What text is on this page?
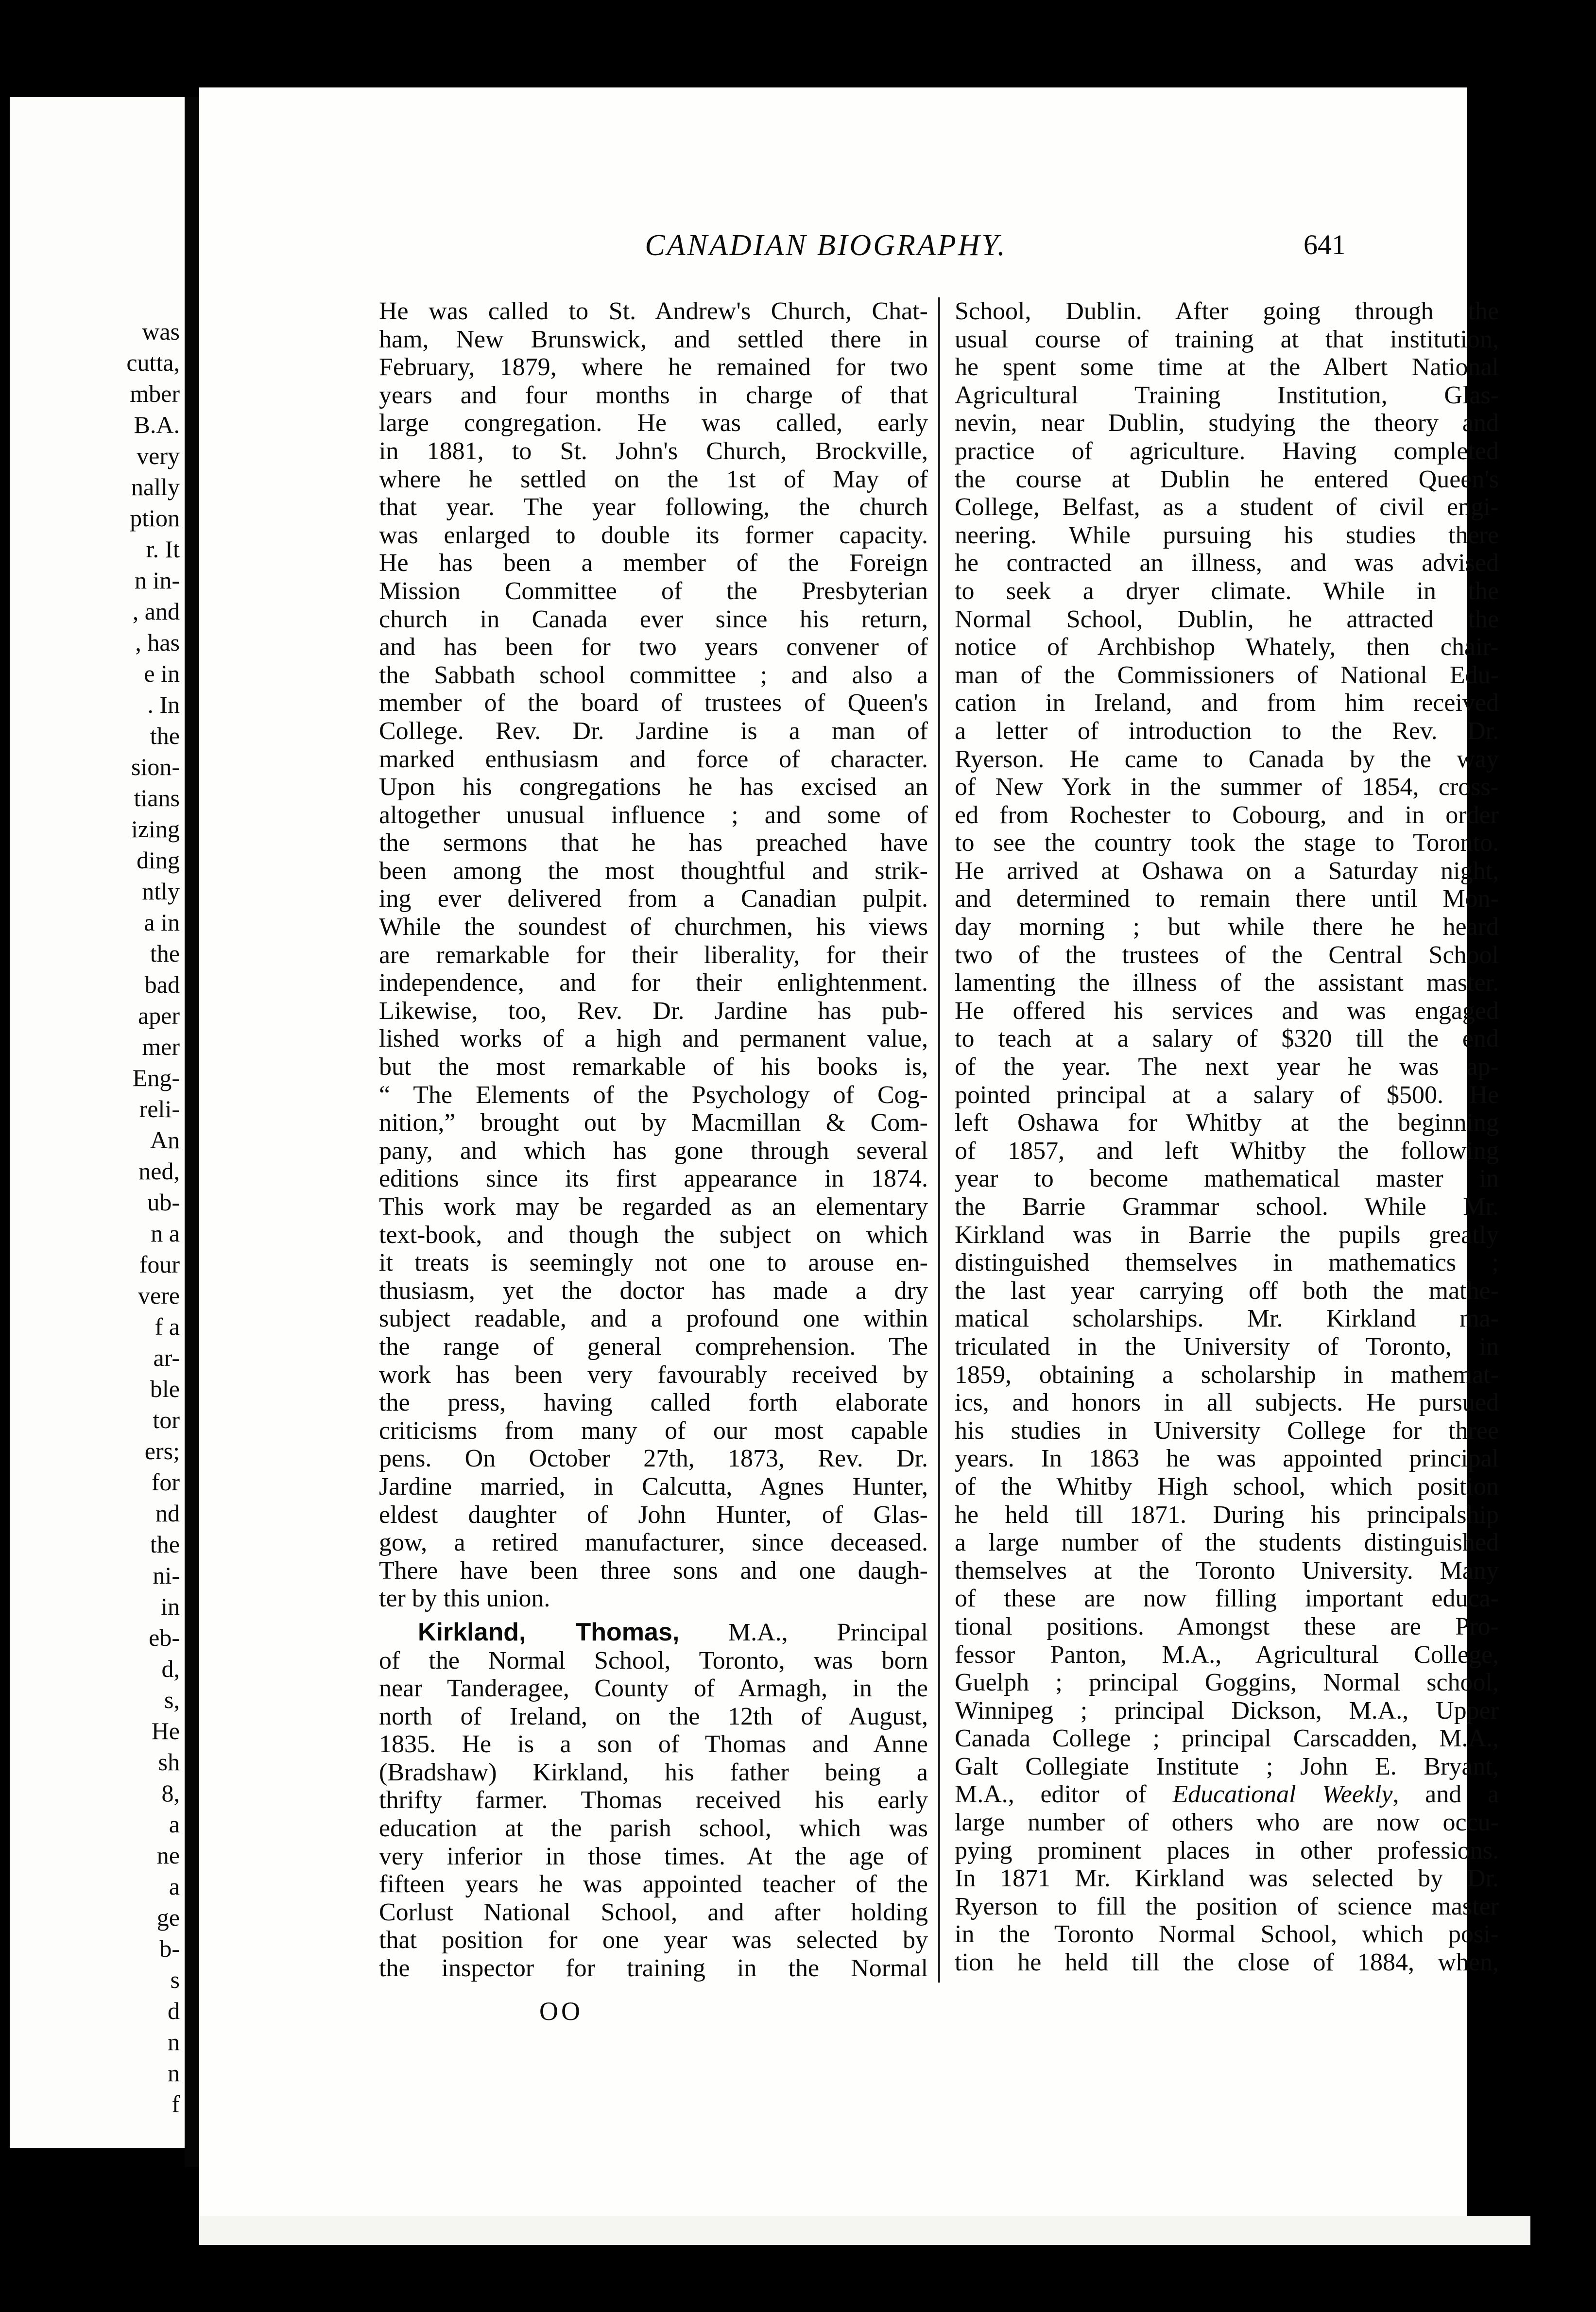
was
cutta,
mber
B.A.
very
nally
ption
r. It
n in-
, and
, has
e in
. In
the
sion-
tians
izing
ding
ntly
a in
the
bad
aper
mer
Eng-
reli-
An
ned,
ub-
n a
four
vere
f a
ar-
ble
tor
ers;
for
nd
the
ni-
in
eb-
d,
s,
He
sh
8,
a
ne
a
ge
b-
s
d
n
n
f
CANADIAN BIOGRAPHY.	641
He was called to St. Andrew's Church, Chat-
ham, New Brunswick, and settled there in
February, 1879, where he remained for two
years and four months in charge of that
large congregation. He was called, early
in 1881, to St. John's Church, Brockville,
where he settled on the 1st of May of
that year. The year following, the church
was enlarged to double its former capacity.
He has been a member of the Foreign
Mission Committee of the Presbyterian
church in Canada ever since his return,
and has been for two years convener of
the Sabbath school committee ; and also a
member of the board of trustees of Queen's
College. Rev. Dr. Jardine is a man of
marked enthusiasm and force of character.
Upon his congregations he has excised an
altogether unusual influence ; and some of
the sermons that he has preached have
been among the most thoughtful and strik-
ing ever delivered from a Canadian pulpit.
While the soundest of churchmen, his views
are remarkable for their liberality, for their
independence, and for their enlightenment.
Likewise, too, Rev. Dr. Jardine has pub-
lished works of a high and permanent value,
but the most remarkable of his books is,
“ The Elements of the Psychology of Cog-
nition,” brought out by Macmillan & Com-
pany, and which has gone through several
editions since its first appearance in 1874.
This work may be regarded as an elementary
text-book, and though the subject on which
it treats is seemingly not one to arouse en-
thusiasm, yet the doctor has made a dry
subject readable, and a profound one within
the range of general comprehension. The
work has been very favourably received by
the press, having called forth elaborate
criticisms from many of our most capable
pens. On October 27th, 1873, Rev. Dr.
Jardine married, in Calcutta, Agnes Hunter,
eldest daughter of John Hunter, of Glas-
gow, a retired manufacturer, since deceased.
There have been three sons and one daugh-
ter by this union.
Kirkland, Thomas, M.A., Principal
of the Normal School, Toronto, was born
near Tanderagee, County of Armagh, in the
north of Ireland, on the 12th of August,
1835. He is a son of Thomas and Anne
(Bradshaw) Kirkland, his father being a
thrifty farmer. Thomas received his early
education at the parish school, which was
very inferior in those times. At the age of
fifteen years he was appointed teacher of the
Corlust National School, and after holding
that position for one year was selected by
the inspector for training in the Normal
School, Dublin. After going through the
usual course of training at that institution,
he spent some time at the Albert National
Agricultural Training Institution, Glas-
nevin, near Dublin, studying the theory and
practice of agriculture. Having completed
the course at Dublin he entered Queen's
College, Belfast, as a student of civil engi-
neering. While pursuing his studies there
he contracted an illness, and was advised
to seek a dryer climate. While in the
Normal School, Dublin, he attracted the
notice of Archbishop Whately, then chair-
man of the Commissioners of National Edu-
cation in Ireland, and from him received
a letter of introduction to the Rev. Dr.
Ryerson. He came to Canada by the way
of New York in the summer of 1854, cross-
ed from Rochester to Cobourg, and in order
to see the country took the stage to Toronto.
He arrived at Oshawa on a Saturday night,
and determined to remain there until Mon-
day morning ; but while there he heard
two of the trustees of the Central School
lamenting the illness of the assistant master.
He offered his services and was engaged
to teach at a salary of $320 till the end
of the year. The next year he was ap-
pointed principal at a salary of $500. He
left Oshawa for Whitby at the beginning
of 1857, and left Whitby the following
year to become mathematical master in
the Barrie Grammar school. While Mr.
Kirkland was in Barrie the pupils greatly
distinguished themselves in mathematics ;
the last year carrying off both the mathe-
matical scholarships. Mr. Kirkland ma-
triculated in the University of Toronto, in
1859, obtaining a scholarship in mathemat-
ics, and honors in all subjects. He pursued
his studies in University College for three
years. In 1863 he was appointed principal
of the Whitby High school, which position
he held till 1871. During his principalship
a large number of the students distinguished
themselves at the Toronto University. Many
of these are now filling important educa-
tional positions. Amongst these are Pro-
fessor Panton, M.A., Agricultural College,
Guelph ; principal Goggins, Normal school,
Winnipeg ; principal Dickson, M.A., Upper
Canada College ; principal Carscadden, M.A.,
Galt Collegiate Institute ; John E. Bryant,
M.A., editor of Educational Weekly, and a
large number of others who are now occu-
pying prominent places in other professions.
In 1871 Mr. Kirkland was selected by Dr.
Ryerson to fill the position of science master
in the Toronto Normal School, which posi-
tion he held till the close of 1884, when,
OO
